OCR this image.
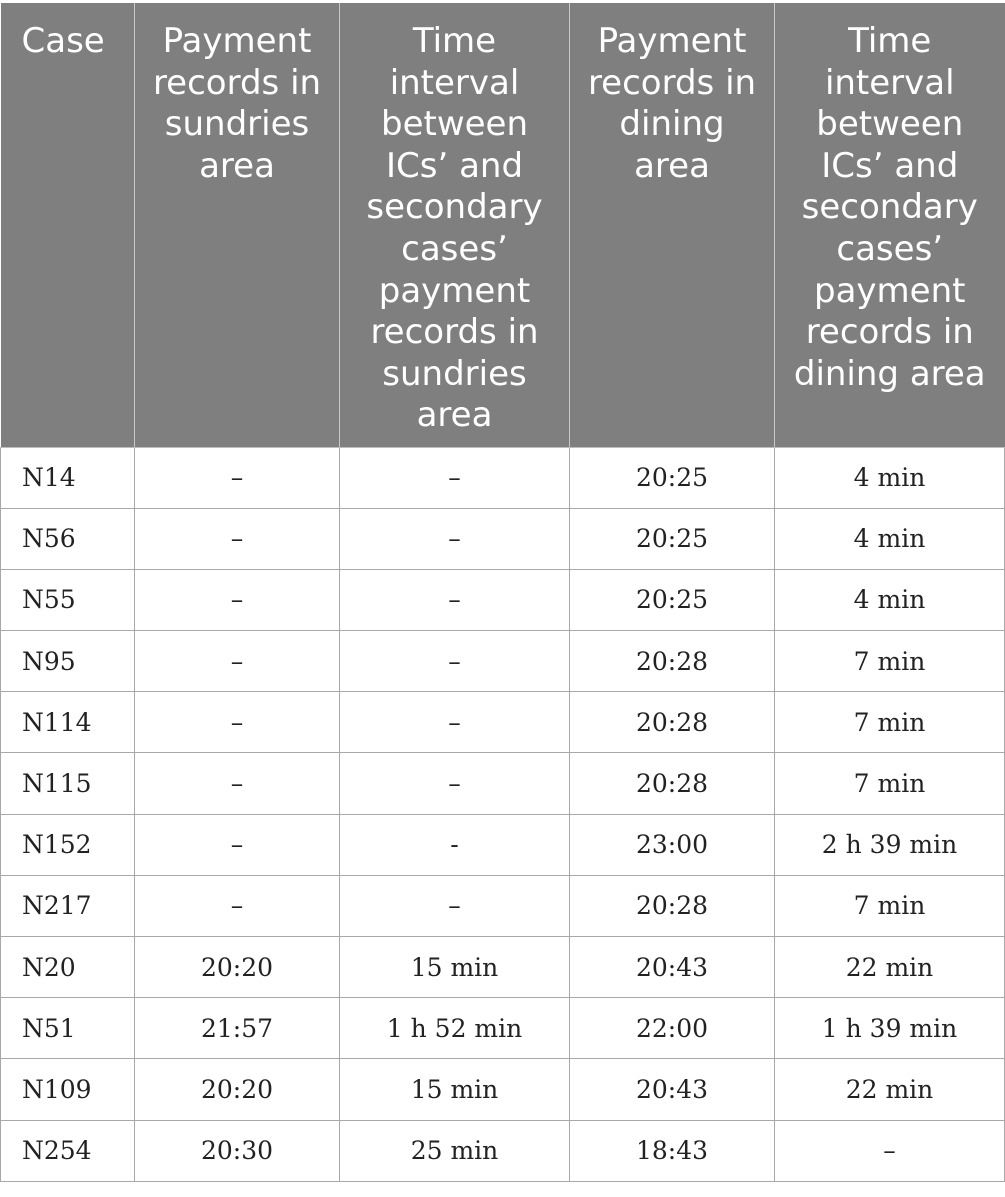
Case	Payment records in sundries area	Time interval between ICs’ and secondary cases’ payment records in sundries area	Payment records in dining area	Time interval between ICs’ and secondary cases’ payment records in dining area
N14	–	–	20:25	4 min
N56	–	–	20:25	4 min
N55	–	–	20:25	4 min
N95	–	–	20:28	7 min
N114	–	–	20:28	7 min
N115	–	–	20:28	7 min
N152	–	-	23:00	2 h 39 min
N217	–	–	20:28	7 min
N20	20:20	15 min	20:43	22 min
N51	21:57	1 h 52 min	22:00	1 h 39 min
N109	20:20	15 min	20:43	22 min
N254	20:30	25 min	18:43	–
